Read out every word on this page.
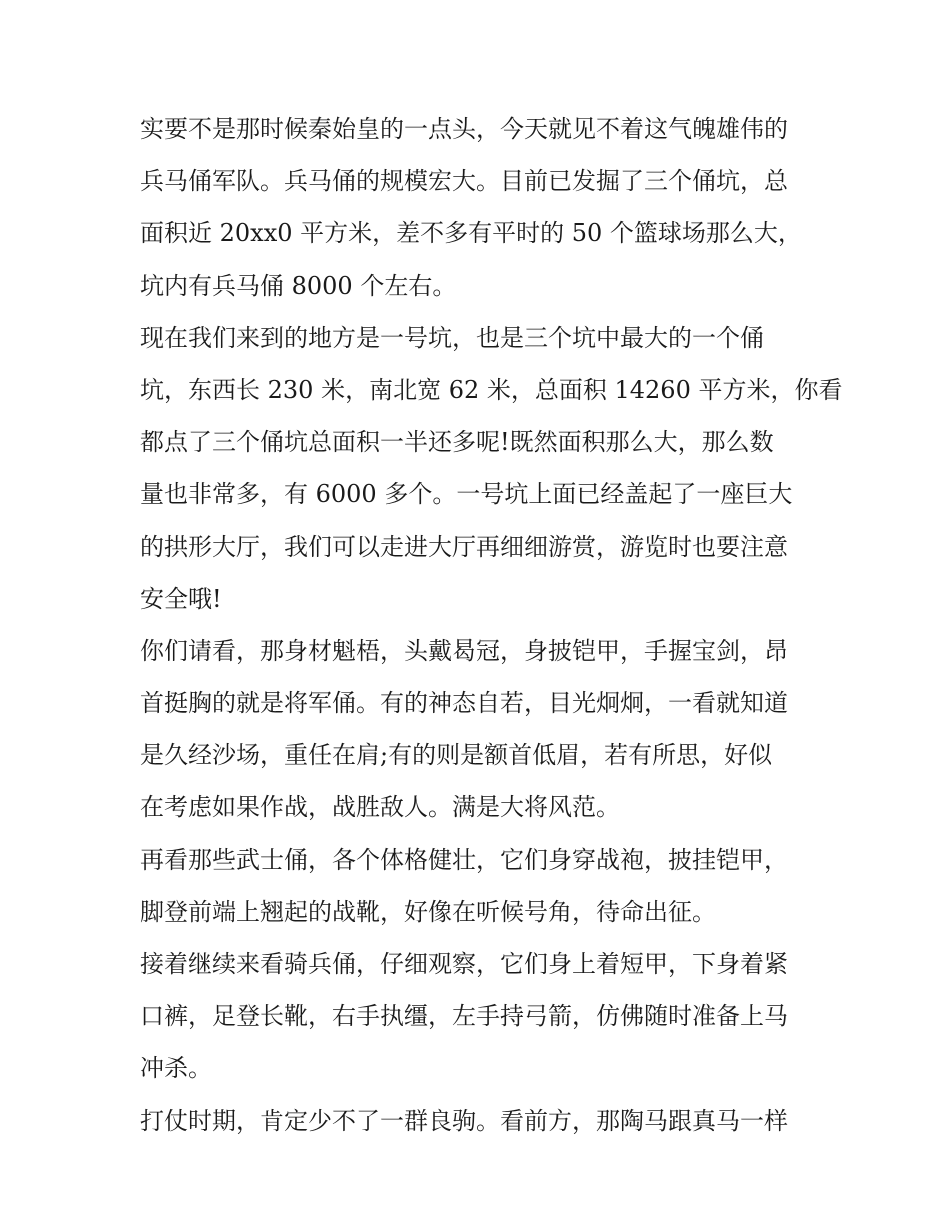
实要不是那时候秦始皇的一点头，今天就见不着这气魄雄伟的
兵马俑军队。兵马俑的规模宏大。目前已发掘了三个俑坑，总
面积近 20xx0 平方米，差不多有平时的 50 个篮球场那么大，
坑内有兵马俑 8000 个左右。
现在我们来到的地方是一号坑，也是三个坑中最大的一个俑
坑，东西长 230 米，南北宽 62 米，总面积 14260 平方米，你看
都点了三个俑坑总面积一半还多呢!既然面积那么大，那么数
量也非常多，有 6000 多个。一号坑上面已经盖起了一座巨大
的拱形大厅，我们可以走进大厅再细细游赏，游览时也要注意
安全哦!
你们请看，那身材魁梧，头戴曷冠，身披铠甲，手握宝剑，昂
首挺胸的就是将军俑。有的神态自若，目光炯炯，一看就知道
是久经沙场，重任在肩;有的则是额首低眉，若有所思，好似
在考虑如果作战，战胜敌人。满是大将风范。
再看那些武士俑，各个体格健壮，它们身穿战袍，披挂铠甲，
脚登前端上翘起的战靴，好像在听候号角，待命出征。
接着继续来看骑兵俑，仔细观察，它们身上着短甲，下身着紧
口裤，足登长靴，右手执缰，左手持弓箭，仿佛随时准备上马
冲杀。
打仗时期，肯定少不了一群良驹。看前方，那陶马跟真马一样
